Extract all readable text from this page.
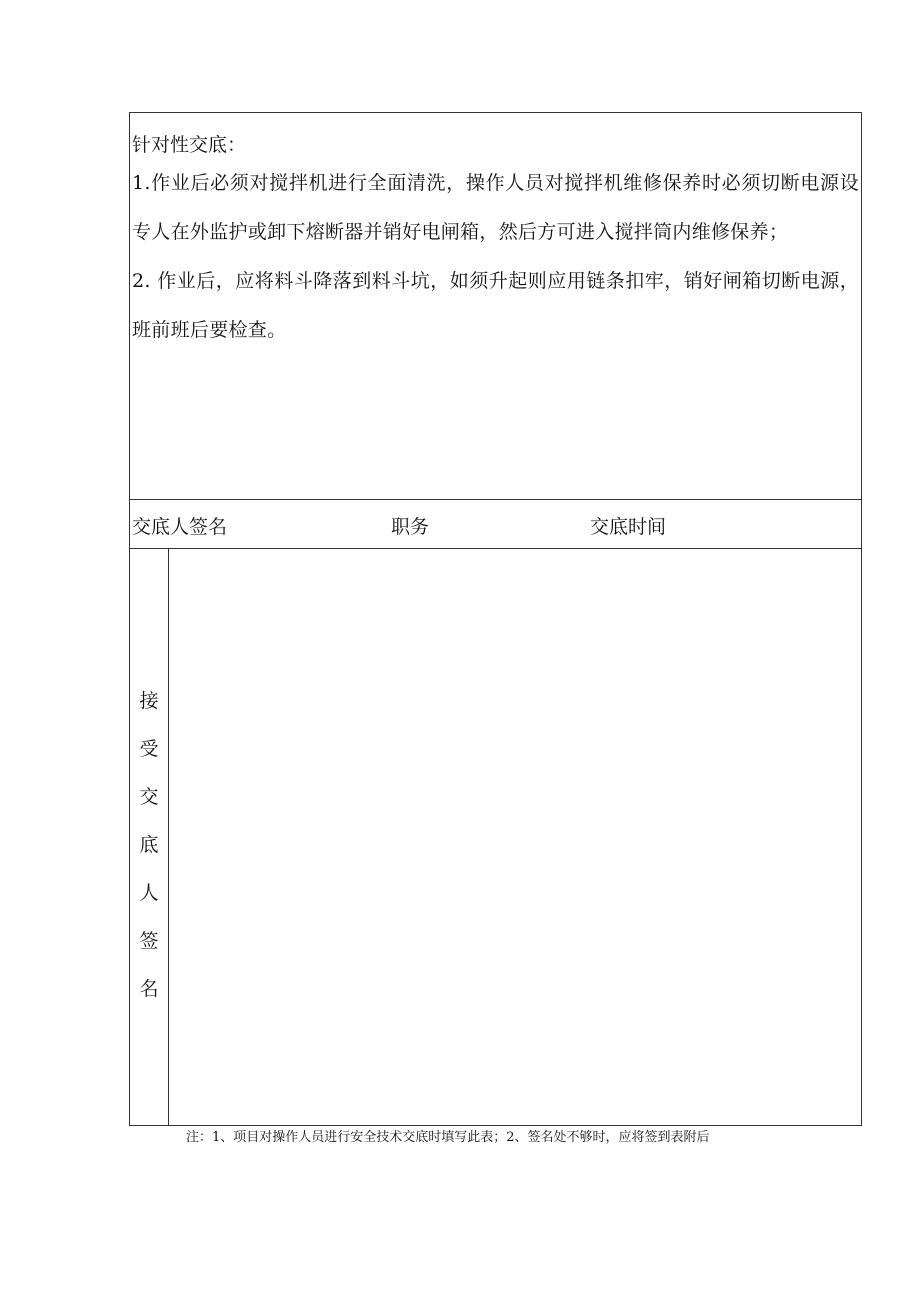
针对性交底：
1.作业后必须对搅拌机进行全面清洗，操作人员对搅拌机维修保养时必须切断电源设专人在外监护或卸下熔断器并销好电闸箱，然后方可进入搅拌筒内维修保养；
2. 作业后，应将料斗降落到料斗坑，如须升起则应用链条扣牢，销好闸箱切断电源，班前班后要检查。
交底人签名	职务	交底时间
接
受
交
底
人
签
名
注：1、项目对操作人员进行安全技术交底时填写此表；2、签名处不够时，应将签到表附后
